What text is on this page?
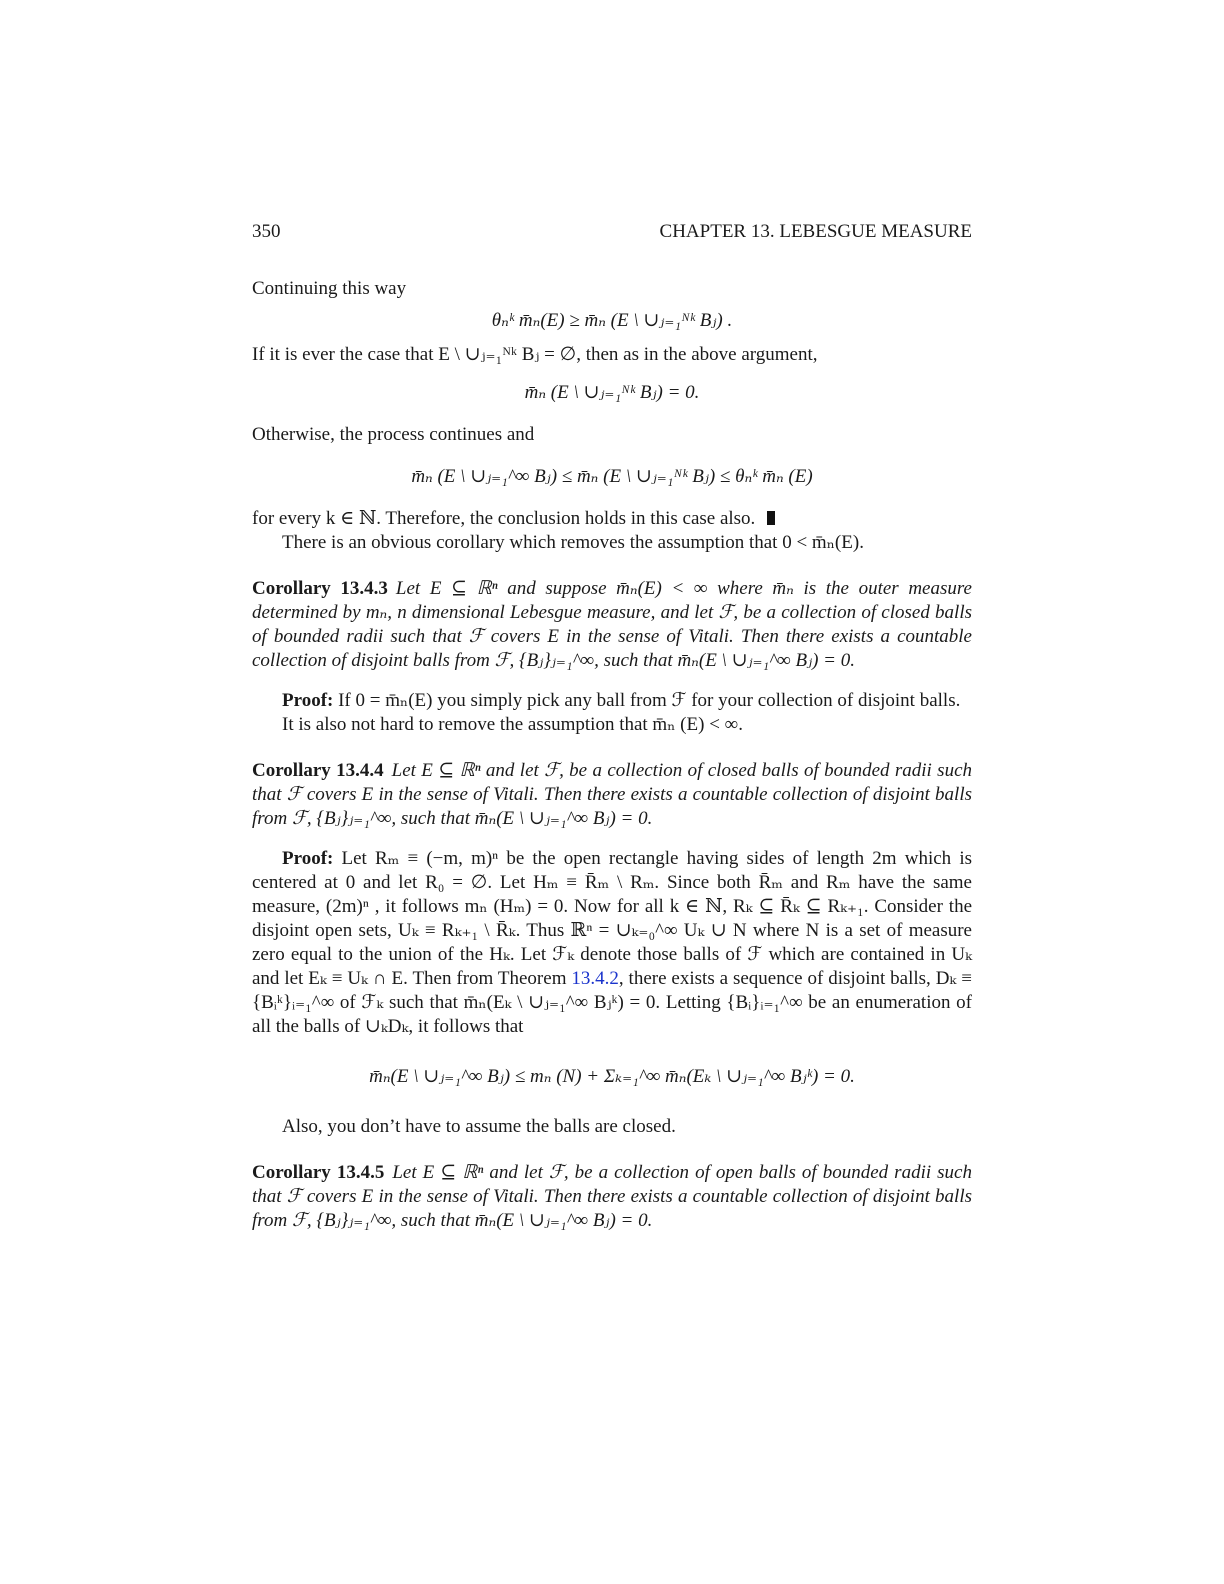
350	CHAPTER 13. LEBESGUE MEASURE

Continuing this way

θₙᵏ m̄ₙ(E) ≥ m̄ₙ (E \ ∪ⱼ₌₁ᴺᵏ Bⱼ) .

If it is ever the case that E \ ∪ⱼ₌₁ᴺᵏ Bⱼ = ∅, then as in the above argument,

m̄ₙ (E \ ∪ⱼ₌₁ᴺᵏ Bⱼ) = 0.

Otherwise, the process continues and

m̄ₙ (E \ ∪ⱼ₌₁^∞ Bⱼ) ≤ m̄ₙ (E \ ∪ⱼ₌₁ᴺᵏ Bⱼ) ≤ θₙᵏ m̄ₙ (E)

for every k ∈ ℕ. Therefore, the conclusion holds in this case also.

There is an obvious corollary which removes the assumption that 0 < m̄ₙ(E).

Corollary 13.4.3 Let E ⊆ ℝⁿ and suppose m̄ₙ(E) < ∞ where m̄ₙ is the outer measure determined by mₙ, n dimensional Lebesgue measure, and let ℱ, be a collection of closed balls of bounded radii such that ℱ covers E in the sense of Vitali. Then there exists a countable collection of disjoint balls from ℱ, {Bⱼ}ⱼ₌₁^∞, such that m̄ₙ(E \ ∪ⱼ₌₁^∞ Bⱼ) = 0.

Proof: If 0 = m̄ₙ(E) you simply pick any ball from ℱ for your collection of disjoint balls.

It is also not hard to remove the assumption that m̄ₙ (E) < ∞.

Corollary 13.4.4 Let E ⊆ ℝⁿ and let ℱ, be a collection of closed balls of bounded radii such that ℱ covers E in the sense of Vitali. Then there exists a countable collection of disjoint balls from ℱ, {Bⱼ}ⱼ₌₁^∞, such that m̄ₙ(E \ ∪ⱼ₌₁^∞ Bⱼ) = 0.

Proof: Let Rₘ ≡ (−m, m)ⁿ be the open rectangle having sides of length 2m which is centered at 0 and let R₀ = ∅. Let Hₘ ≡ R̄ₘ \ Rₘ. Since both R̄ₘ and Rₘ have the same measure, (2m)ⁿ , it follows mₙ (Hₘ) = 0. Now for all k ∈ ℕ, Rₖ ⊆ R̄ₖ ⊆ Rₖ₊₁. Consider the disjoint open sets, Uₖ ≡ Rₖ₊₁ \ R̄ₖ. Thus ℝⁿ = ∪ₖ₌₀^∞ Uₖ ∪ N where N is a set of measure zero equal to the union of the Hₖ. Let ℱₖ denote those balls of ℱ which are contained in Uₖ and let Eₖ ≡ Uₖ ∩ E. Then from Theorem 13.4.2, there exists a sequence of disjoint balls, Dₖ ≡ {Bᵢᵏ}ᵢ₌₁^∞ of ℱₖ such that m̄ₙ(Eₖ \ ∪ⱼ₌₁^∞ Bⱼᵏ) = 0. Letting {Bᵢ}ᵢ₌₁^∞ be an enumeration of all the balls of ∪ₖDₖ, it follows that

m̄ₙ(E \ ∪ⱼ₌₁^∞ Bⱼ) ≤ mₙ (N) + Σₖ₌₁^∞ m̄ₙ(Eₖ \ ∪ⱼ₌₁^∞ Bⱼᵏ) = 0.

Also, you don’t have to assume the balls are closed.

Corollary 13.4.5 Let E ⊆ ℝⁿ and let ℱ, be a collection of open balls of bounded radii such that ℱ covers E in the sense of Vitali. Then there exists a countable collection of disjoint balls from ℱ, {Bⱼ}ⱼ₌₁^∞, such that m̄ₙ(E \ ∪ⱼ₌₁^∞ Bⱼ) = 0.
